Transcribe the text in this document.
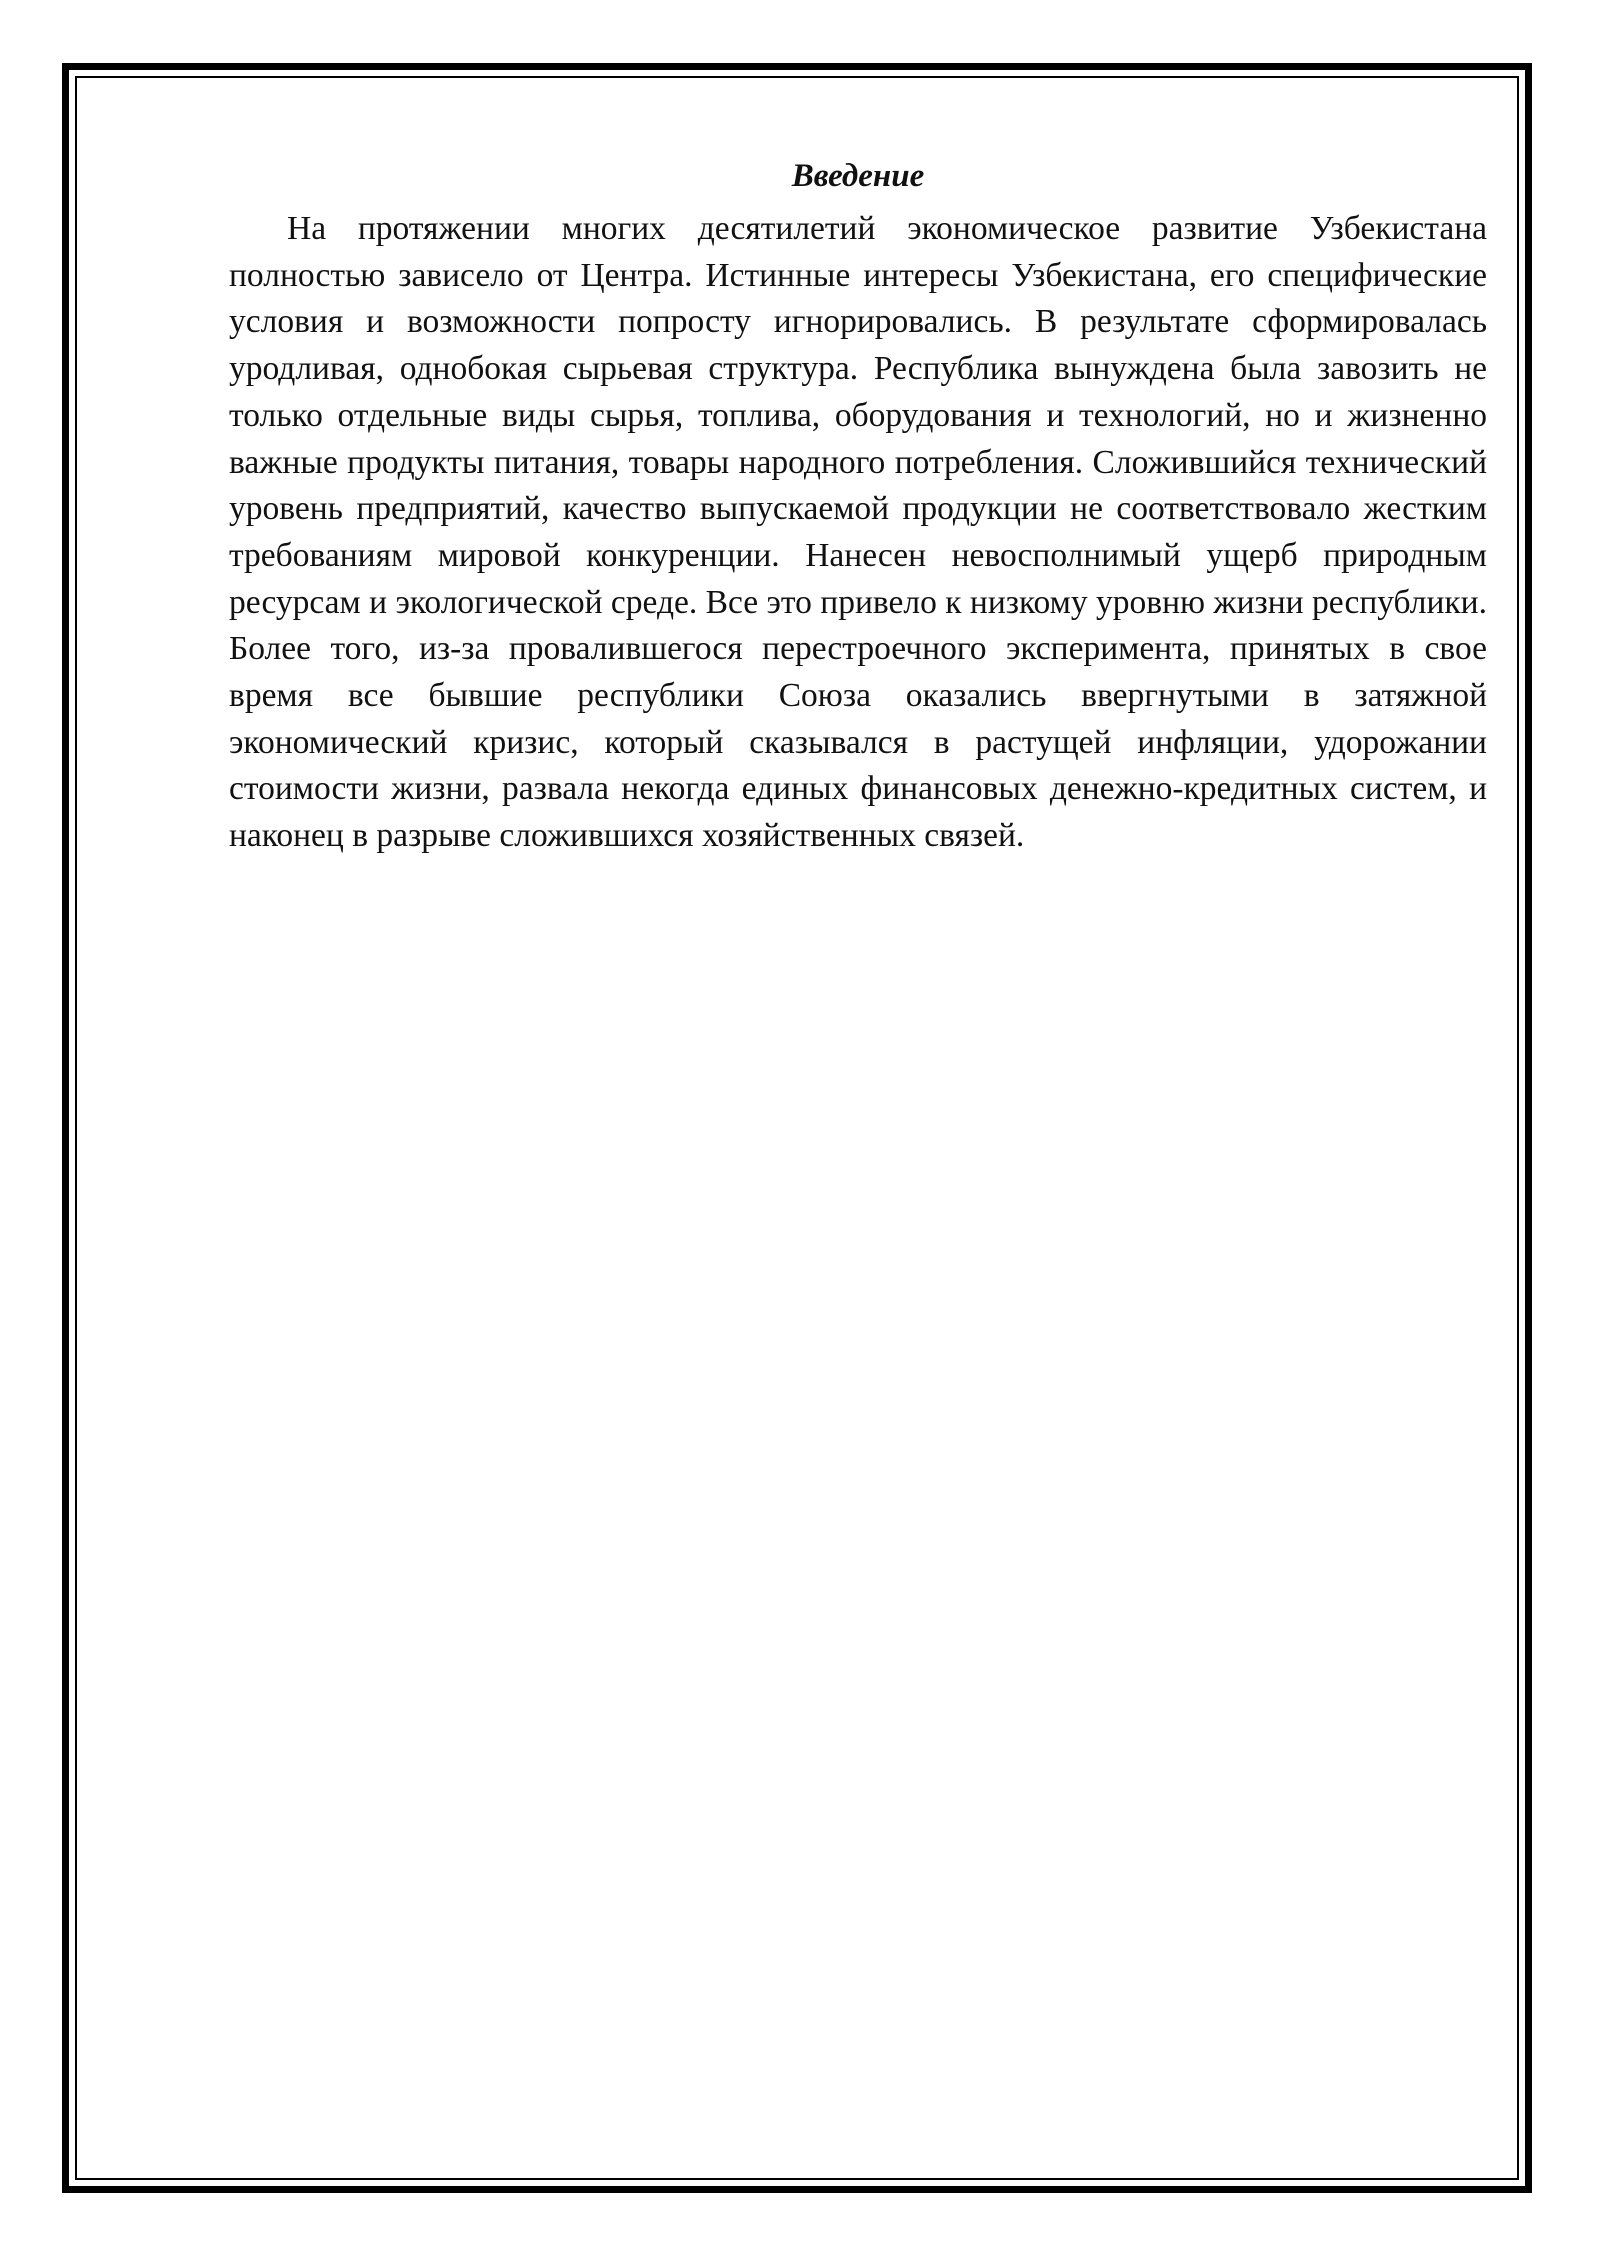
Введение

На протяжении многих десятилетий экономическое развитие Узбекистана полностью зависело от Центра. Истинные интересы Узбекистана, его специфические условия и возможности попросту игнорировались. В результате сформировалась уродливая, однобокая сырьевая структура. Республика вынуждена была завозить не только отдельные виды сырья, топлива, оборудования и технологий, но и жизненно важные продукты питания, товары народного потребления. Сложившийся технический уровень предприятий, качество выпускаемой продукции не соответствовало жестким требованиям мировой конкуренции. Нанесен невосполнимый ущерб природным ресурсам и экологической среде. Все это привело к низкому уровню жизни республики. Более того, из-за провалившегося перестроечного эксперимента, принятых в свое время все бывшие республики Союза оказались ввергнутыми в затяжной экономический кризис, который сказывался в растущей инфляции, удорожании стоимости жизни, развала некогда единых финансовых денежно-кредитных систем, и наконец в разрыве сложившихся хозяйственных связей.
